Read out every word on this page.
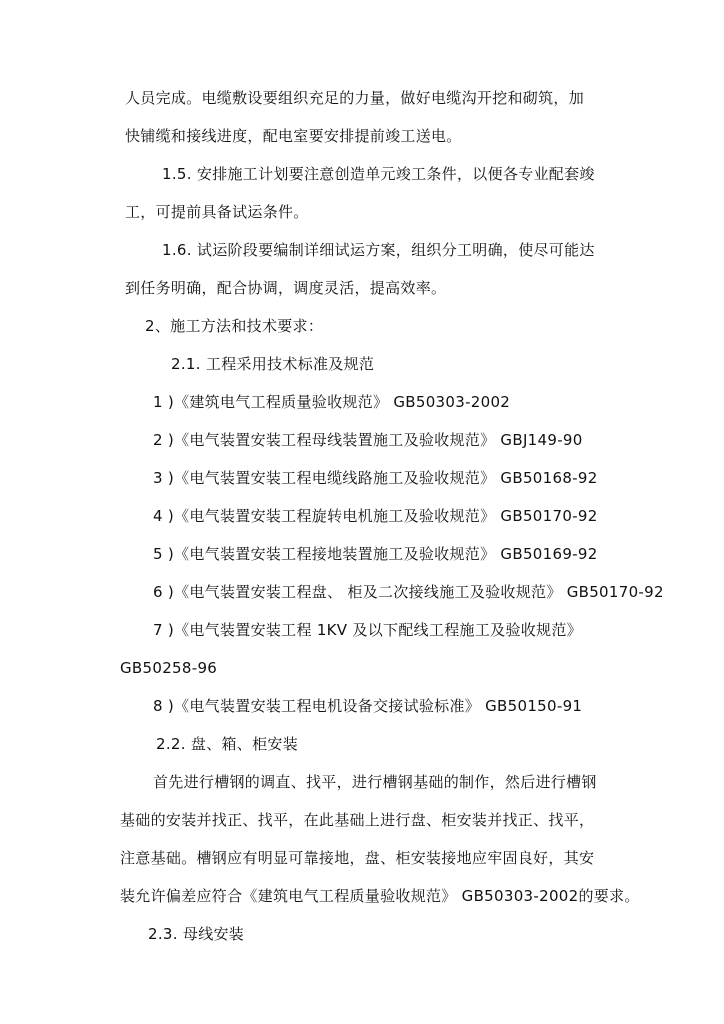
人员完成。电缆敷设要组织充足的力量，做好电缆沟开挖和砌筑，加
快铺缆和接线进度，配电室要安排提前竣工送电。
1.5. 安排施工计划要注意创造单元竣工条件，以便各专业配套竣
工，可提前具备试运条件。
1.6. 试运阶段要编制详细试运方案，组织分工明确，使尽可能达
到任务明确，配合协调，调度灵活，提高效率。
2、施工方法和技术要求：
2.1. 工程采用技术标准及规范
1 )《建筑电气工程质量验收规范》 GB50303-2002
2 )《电气装置安装工程母线装置施工及验收规范》 GBJ149-90
3 )《电气装置安装工程电缆线路施工及验收规范》 GB50168-92
4 )《电气装置安装工程旋转电机施工及验收规范》 GB50170-92
5 )《电气装置安装工程接地装置施工及验收规范》 GB50169-92
6 )《电气装置安装工程盘、 柜及二次接线施工及验收规范》 GB50170-92
7 )《电气装置安装工程 1KV 及以下配线工程施工及验收规范》
GB50258-96
8 )《电气装置安装工程电机设备交接试验标准》 GB50150-91
2.2. 盘、箱、柜安装
首先进行槽钢的调直、找平，进行槽钢基础的制作，然后进行槽钢
基础的安装并找正、找平，在此基础上进行盘、柜安装并找正、找平，
注意基础。槽钢应有明显可靠接地，盘、柜安装接地应牢固良好，其安
装允许偏差应符合《建筑电气工程质量验收规范》 GB50303-2002的要求。
2.3. 母线安装
